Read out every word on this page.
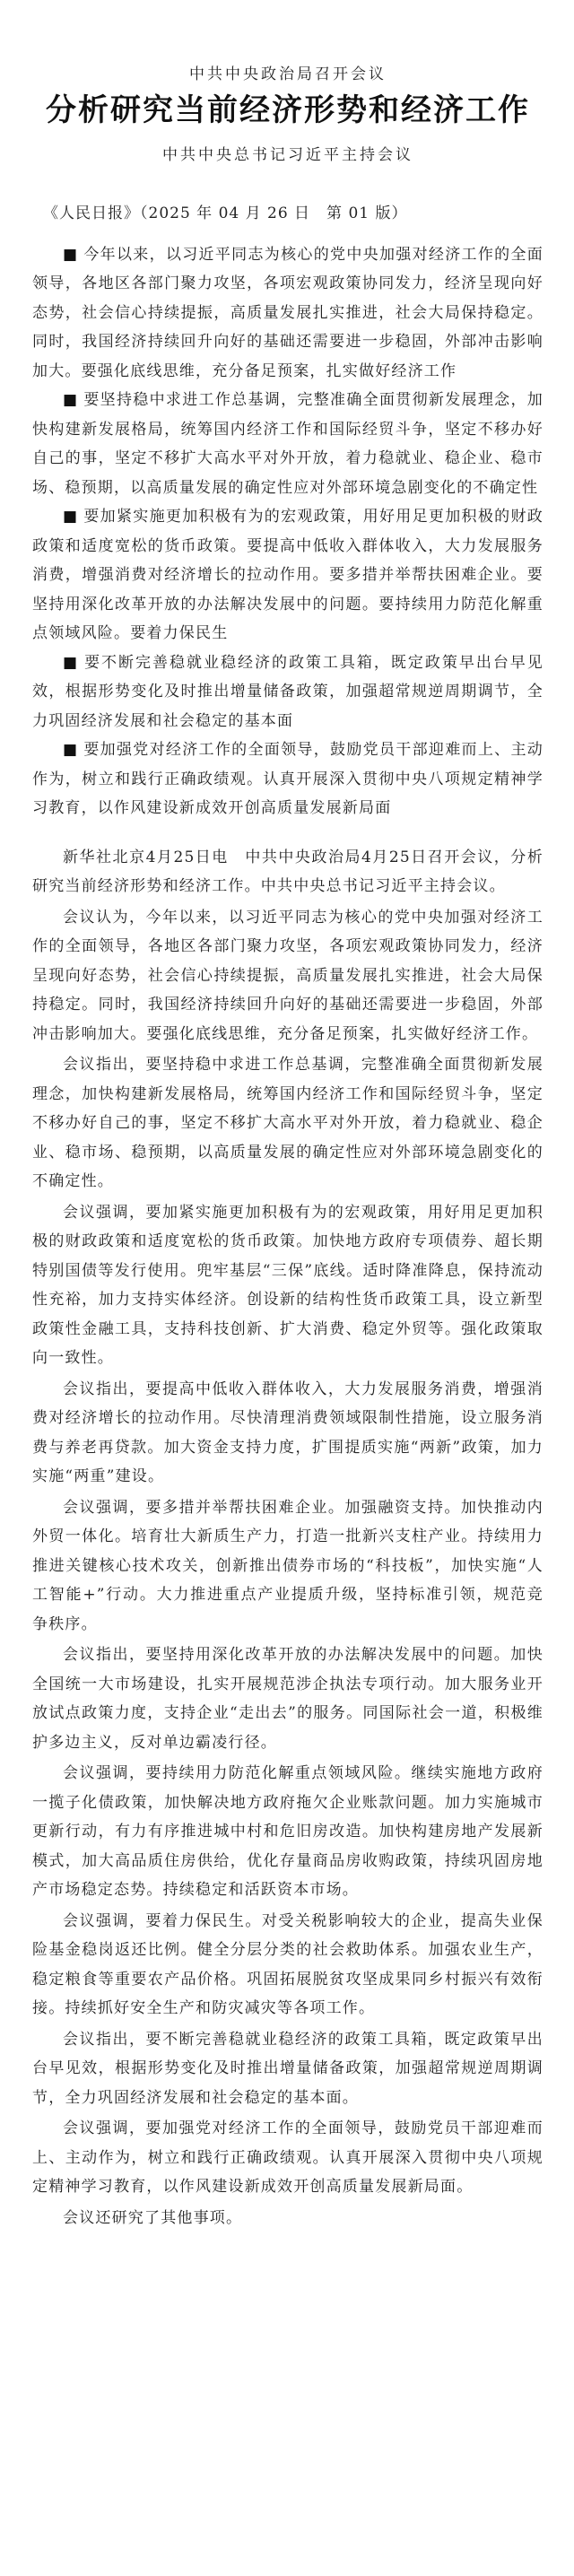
中共中央政治局召开会议
分析研究当前经济形势和经济工作
中共中央总书记习近平主持会议
《人民日报》（2025 年 04 月 26 日　第 01 版）

■ 今年以来，以习近平同志为核心的党中央加强对经济工作的全面领导，各地区各部门聚力攻坚，各项宏观政策协同发力，经济呈现向好态势，社会信心持续提振，高质量发展扎实推进，社会大局保持稳定。同时，我国经济持续回升向好的基础还需要进一步稳固，外部冲击影响加大。要强化底线思维，充分备足预案，扎实做好经济工作

■ 要坚持稳中求进工作总基调，完整准确全面贯彻新发展理念，加快构建新发展格局，统筹国内经济工作和国际经贸斗争，坚定不移办好自己的事，坚定不移扩大高水平对外开放，着力稳就业、稳企业、稳市场、稳预期，以高质量发展的确定性应对外部环境急剧变化的不确定性

■ 要加紧实施更加积极有为的宏观政策，用好用足更加积极的财政政策和适度宽松的货币政策。要提高中低收入群体收入，大力发展服务消费，增强消费对经济增长的拉动作用。要多措并举帮扶困难企业。要坚持用深化改革开放的办法解决发展中的问题。要持续用力防范化解重点领域风险。要着力保民生

■ 要不断完善稳就业稳经济的政策工具箱，既定政策早出台早见效，根据形势变化及时推出增量储备政策，加强超常规逆周期调节，全力巩固经济发展和社会稳定的基本面

■ 要加强党对经济工作的全面领导，鼓励党员干部迎难而上、主动作为，树立和践行正确政绩观。认真开展深入贯彻中央八项规定精神学习教育，以作风建设新成效开创高质量发展新局面

新华社北京4月25日电　中共中央政治局4月25日召开会议，分析研究当前经济形势和经济工作。中共中央总书记习近平主持会议。

会议认为，今年以来，以习近平同志为核心的党中央加强对经济工作的全面领导，各地区各部门聚力攻坚，各项宏观政策协同发力，经济呈现向好态势，社会信心持续提振，高质量发展扎实推进，社会大局保持稳定。同时，我国经济持续回升向好的基础还需要进一步稳固，外部冲击影响加大。要强化底线思维，充分备足预案，扎实做好经济工作。

会议指出，要坚持稳中求进工作总基调，完整准确全面贯彻新发展理念，加快构建新发展格局，统筹国内经济工作和国际经贸斗争，坚定不移办好自己的事，坚定不移扩大高水平对外开放，着力稳就业、稳企业、稳市场、稳预期，以高质量发展的确定性应对外部环境急剧变化的不确定性。

会议强调，要加紧实施更加积极有为的宏观政策，用好用足更加积极的财政政策和适度宽松的货币政策。加快地方政府专项债券、超长期特别国债等发行使用。兜牢基层“三保”底线。适时降准降息，保持流动性充裕，加力支持实体经济。创设新的结构性货币政策工具，设立新型政策性金融工具，支持科技创新、扩大消费、稳定外贸等。强化政策取向一致性。

会议指出，要提高中低收入群体收入，大力发展服务消费，增强消费对经济增长的拉动作用。尽快清理消费领域限制性措施，设立服务消费与养老再贷款。加大资金支持力度，扩围提质实施“两新”政策，加力实施“两重”建设。

会议强调，要多措并举帮扶困难企业。加强融资支持。加快推动内外贸一体化。培育壮大新质生产力，打造一批新兴支柱产业。持续用力推进关键核心技术攻关，创新推出债券市场的“科技板”，加快实施“人工智能+”行动。大力推进重点产业提质升级，坚持标准引领，规范竞争秩序。

会议指出，要坚持用深化改革开放的办法解决发展中的问题。加快全国统一大市场建设，扎实开展规范涉企执法专项行动。加大服务业开放试点政策力度，支持企业“走出去”的服务。同国际社会一道，积极维护多边主义，反对单边霸凌行径。

会议强调，要持续用力防范化解重点领域风险。继续实施地方政府一揽子化债政策，加快解决地方政府拖欠企业账款问题。加力实施城市更新行动，有力有序推进城中村和危旧房改造。加快构建房地产发展新模式，加大高品质住房供给，优化存量商品房收购政策，持续巩固房地产市场稳定态势。持续稳定和活跃资本市场。

会议强调，要着力保民生。对受关税影响较大的企业，提高失业保险基金稳岗返还比例。健全分层分类的社会救助体系。加强农业生产，稳定粮食等重要农产品价格。巩固拓展脱贫攻坚成果同乡村振兴有效衔接。持续抓好安全生产和防灾减灾等各项工作。

会议指出，要不断完善稳就业稳经济的政策工具箱，既定政策早出台早见效，根据形势变化及时推出增量储备政策，加强超常规逆周期调节，全力巩固经济发展和社会稳定的基本面。

会议强调，要加强党对经济工作的全面领导，鼓励党员干部迎难而上、主动作为，树立和践行正确政绩观。认真开展深入贯彻中央八项规定精神学习教育，以作风建设新成效开创高质量发展新局面。

会议还研究了其他事项。
